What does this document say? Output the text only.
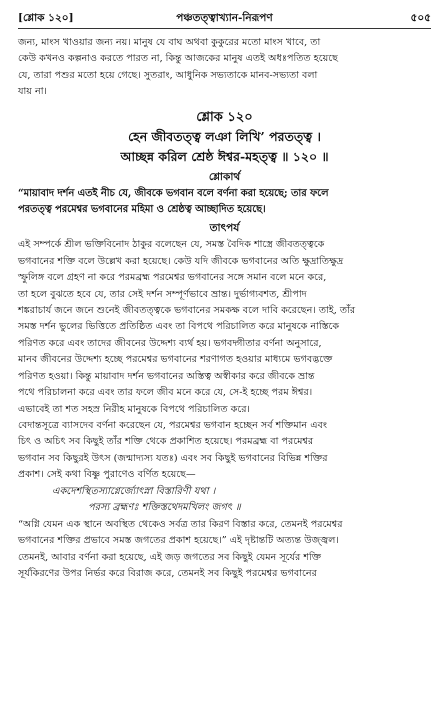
[শ্লোক ১২০]	পঞ্চতত্ত্বাখ্যান-নিরূপণ	৫০৫
জন্য, মাংস খাওয়ার জন্য নয়। মানুষ যে বাঘ অথবা কুকুরের মতো মাংস খাবে, তা
কেউ কখনও কল্পনাও করতে পারত না, কিন্তু আজকের মানুষ এতই অধঃপতিত হয়েছে
যে, তারা পশুর মতো হয়ে গেছে। সুতরাং, আধুনিক সভ্যতাকে মানব-সভ্যতা বলা
যায় না।
শ্লোক ১২০
হেন জীবতত্ত্ব লঞা লিখি’ পরতত্ত্ব ।
আচ্ছন্ন করিল শ্রেষ্ঠ ঈশ্বর-মহত্ত্ব ॥ ১২০ ॥
শ্লোকার্থ
“মায়াবাদ দর্শন এতই নীচ যে, জীবকে ভগবান বলে বর্ণনা করা হয়েছে; তার ফলে
পরতত্ত্ব পরমেশ্বর ভগবানের মহিমা ও শ্রেষ্ঠত্ব আচ্ছাদিত হয়েছে।
তাৎপর্য
এই সম্পর্কে শ্রীল ভক্তিবিনোদ ঠাকুর বলেছেন যে, সমস্ত বৈদিক শাস্ত্রে জীবতত্ত্বকে
ভগবানের শক্তি বলে উল্লেখ করা হয়েছে। কেউ যদি জীবকে ভগবানের অতি ক্ষুদ্রাতিক্ষুদ্র
স্ফুলিঙ্গ বলে গ্রহণ না করে পরমব্রহ্ম পরমেশ্বর ভগবানের সঙ্গে সমান বলে মনে করে,
তা হলে বুঝতে হবে যে, তার সেই দর্শন সম্পূর্ণভাবে ভ্রান্ত। দুর্ভাগ্যবশত, শ্রীপাদ
শঙ্করাচার্য জনে জনে শুনেই জীবতত্ত্বকে ভগবানের সমকক্ষ বলে দাবি করেছেন। তাই, তাঁর
সমস্ত দর্শন ভুলের ভিত্তিতে প্রতিষ্ঠিত এবং তা বিপথে পরিচালিত করে মানুষকে নাস্তিকে
পরিণত করে এবং তাদের জীবনের উদ্দেশ্য ব্যর্থ হয়। ভগবদ্গীতার বর্ণনা অনুসারে,
মানব জীবনের উদ্দেশ্য হচ্ছে পরমেশ্বর ভগবানের শরণাগত হওয়ার মাধ্যমে ভগবদ্ভক্তে
পরিণত হওয়া। কিন্তু মায়াবাদ দর্শন ভগবানের অস্তিত্ব অস্বীকার করে জীবকে ভ্রান্ত
পথে পরিচালনা করে এবং তার ফলে জীব মনে করে যে, সে-ই হচ্ছে পরম ঈশ্বর।
এভাবেই তা শত সহস্র নিরীহ মানুষকে বিপথে পরিচালিত করে।
বেদান্তসূত্রে ব্যাসদেব বর্ণনা করেছেন যে, পরমেশ্বর ভগবান হচ্ছেন সর্ব শক্তিমান এবং
চিৎ ও অচিৎ সব কিছুই তাঁর শক্তি থেকে প্রকাশিত হয়েছে। পরমব্রহ্ম বা পরমেশ্বর
ভগবান সব কিছুরই উৎস (জন্মাদ্যস্য যতঃ) এবং সব কিছুই ভগবানের বিভিন্ন শক্তির
প্রকাশ। সেই কথা বিষ্ণু পুরাণেও বর্ণিত হয়েছে—
একদেশস্থিতস্যাগ্নের্জ্যোৎস্না বিস্তারিণী যথা ।
পরস্য ব্রহ্মণঃ শক্তিস্তথেদমখিলং জগৎ ॥
“অগ্নি যেমন এক স্থানে অবস্থিত থেকেও সর্বত্র তার কিরণ বিস্তার করে, তেমনই পরমেশ্বর
ভগবানের শক্তির প্রভাবে সমস্ত জগতের প্রকাশ হয়েছে।” এই দৃষ্টান্তটি অত্যন্ত উজ্জ্বল।
তেমনই, আবার বর্ণনা করা হয়েছে, এই জড় জগতের সব কিছুই যেমন সূর্যের শক্তি
সূর্যকিরণের উপর নির্ভর করে বিরাজ করে, তেমনই সব কিছুই পরমেশ্বর ভগবানের
